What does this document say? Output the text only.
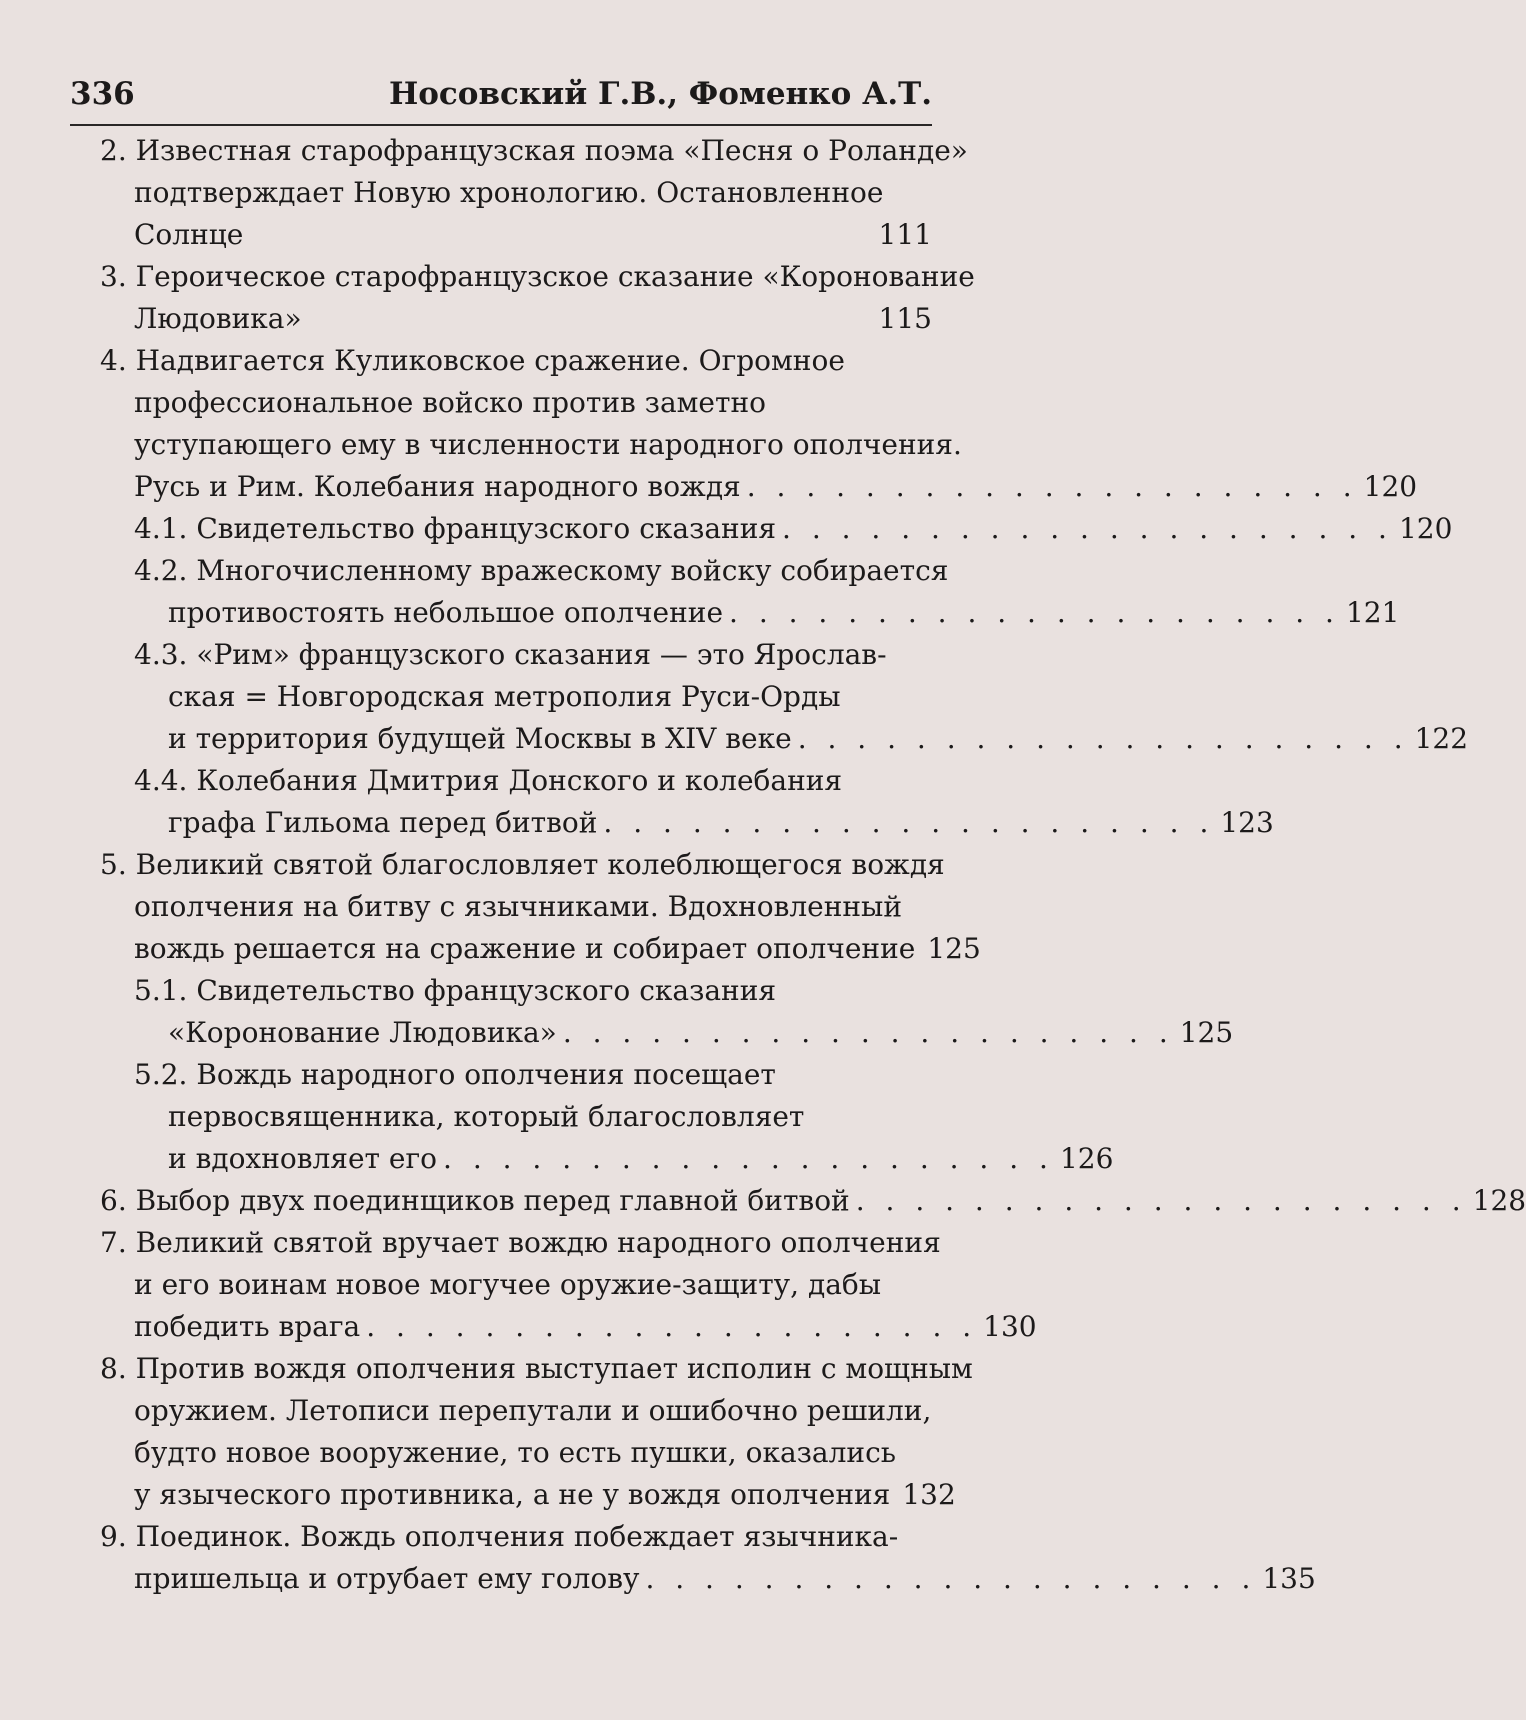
336	Носовский Г.В., Фоменко А.Т.
2. Известная старофранцузская поэма «Песня о Роланде»
подтверждает Новую хронологию. Остановленное
Солнце	111
3. Героическое старофранцузское сказание «Коронование
Людовика»	115
4. Надвигается Куликовское сражение. Огромное
профессиональное войско против заметно
уступающего ему в численности народного ополчения.
Русь и Рим. Колебания народного вождя . . . . . . . . . . . . . . . . . . . . . 120
4.1. Свидетельство французского сказания . . . . . . . . . . . . . . . . . . . . . 120
4.2. Многочисленному вражескому войску собирается
противостоять небольшое ополчение . . . . . . . . . . . . . . . . . . . . . 121
4.3. «Рим» французского сказания — это Ярослав-
ская = Новгородская метрополия Руси-Орды
и территория будущей Москвы в XIV веке . . . . . . . . . . . . . . . . . . . . . 122
4.4. Колебания Дмитрия Донского и колебания
графа Гильома перед битвой . . . . . . . . . . . . . . . . . . . . . 123
5. Великий святой благословляет колеблющегося вождя
ополчения на битву с язычниками. Вдохновленный
вождь решается на сражение и собирает ополчение 125
5.1. Свидетельство французского сказания
«Коронование Людовика» . . . . . . . . . . . . . . . . . . . . . 125
5.2. Вождь народного ополчения посещает
первосвященника, который благословляет
и вдохновляет его . . . . . . . . . . . . . . . . . . . . . 126
6. Выбор двух поединщиков перед главной битвой . . . . . . . . . . . . . . . . . . . . . 128
7. Великий святой вручает вождю народного ополчения
и его воинам новое могучее оружие-защиту, дабы
победить врага . . . . . . . . . . . . . . . . . . . . . 130
8. Против вождя ополчения выступает исполин с мощным
оружием. Летописи перепутали и ошибочно решили,
будто новое вооружение, то есть пушки, оказались
у языческого противника, а не у вождя ополчения 132
9. Поединок. Вождь ополчения побеждает язычника-
пришельца и отрубает ему голову . . . . . . . . . . . . . . . . . . . . . 135
